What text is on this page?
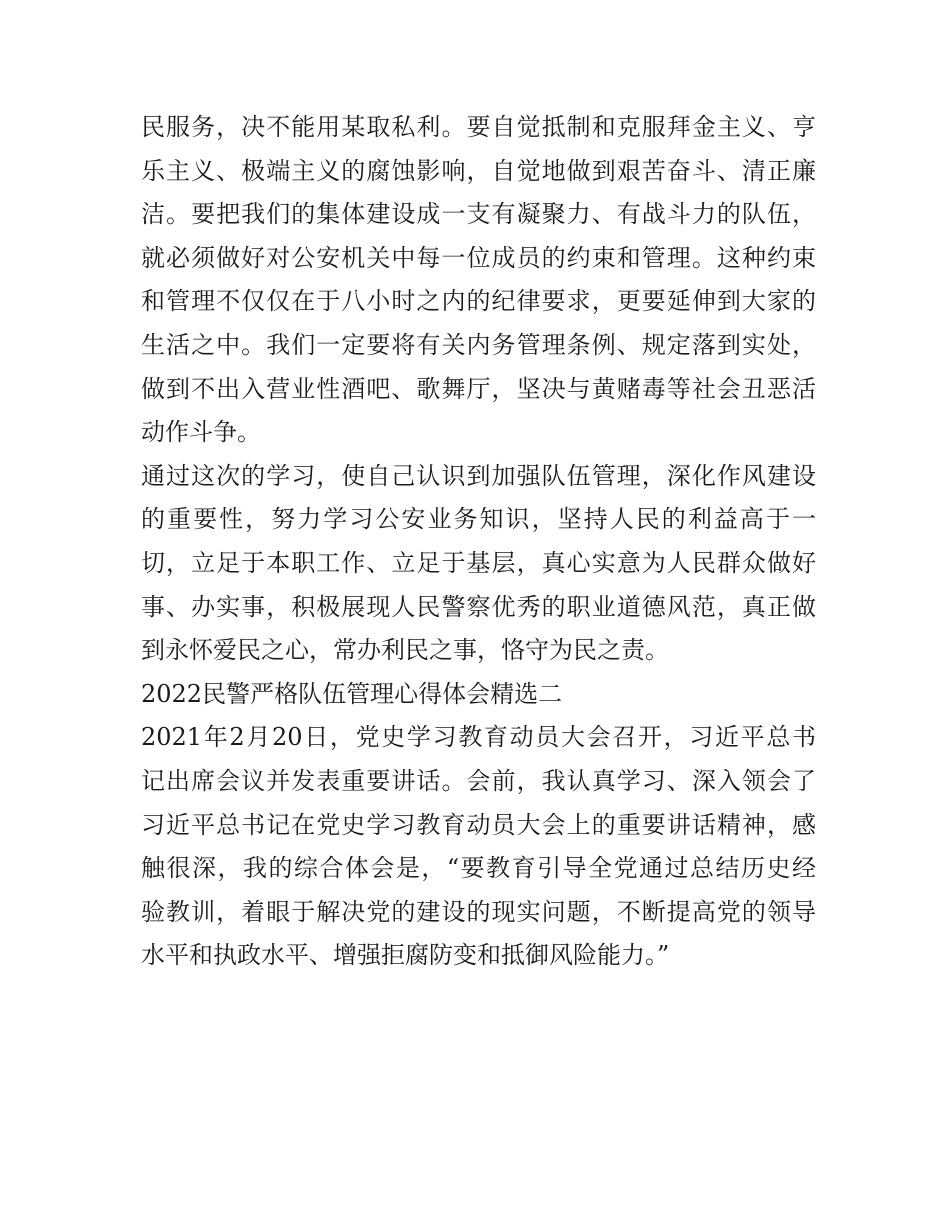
民服务，决不能用某取私利。要自觉抵制和克服拜金主义、亨
乐主义、极端主义的腐蚀影响，自觉地做到艰苦奋斗、清正廉
洁。要把我们的集体建设成一支有凝聚力、有战斗力的队伍，
就必须做好对公安机关中每一位成员的约束和管理。这种约束
和管理不仅仅在于八小时之内的纪律要求，更要延伸到大家的
生活之中。我们一定要将有关内务管理条例、规定落到实处，
做到不出入营业性酒吧、歌舞厅，坚决与黄赌毒等社会丑恶活
动作斗争。
通过这次的学习，使自己认识到加强队伍管理，深化作风建设
的重要性，努力学习公安业务知识，坚持人民的利益高于一
切，立足于本职工作、立足于基层，真心实意为人民群众做好
事、办实事，积极展现人民警察优秀的职业道德风范，真正做
到永怀爱民之心，常办利民之事，恪守为民之责。
2022民警严格队伍管理心得体会精选二
2021年2月20日，党史学习教育动员大会召开，习近平总书
记出席会议并发表重要讲话。会前，我认真学习、深入领会了
习近平总书记在党史学习教育动员大会上的重要讲话精神，感
触很深，我的综合体会是，“要教育引导全党通过总结历史经
验教训，着眼于解决党的建设的现实问题，不断提高党的领导
水平和执政水平、增强拒腐防变和抵御风险能力。”
